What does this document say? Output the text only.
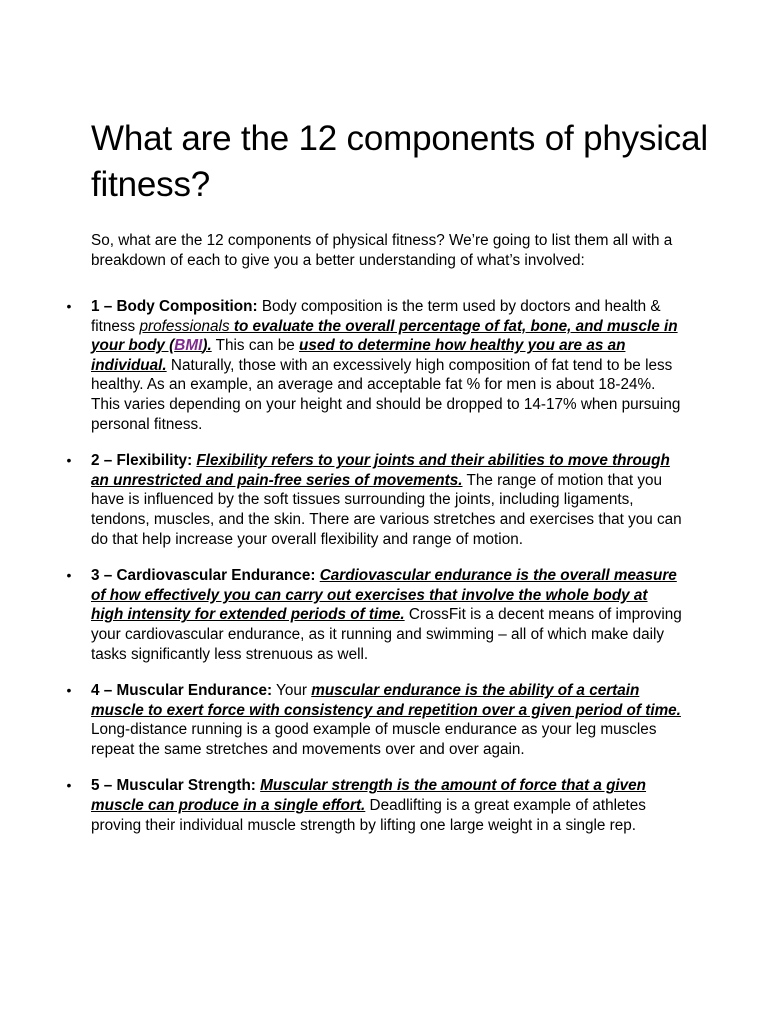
What are the 12 components of physical fitness?

So, what are the 12 components of physical fitness? We’re going to list them all with a breakdown of each to give you a better understanding of what’s involved:

• 1 – Body Composition: Body composition is the term used by doctors and health & fitness professionals to evaluate the overall percentage of fat, bone, and muscle in your body (BMI). This can be used to determine how healthy you are as an individual. Naturally, those with an excessively high composition of fat tend to be less healthy. As an example, an average and acceptable fat % for men is about 18-24%. This varies depending on your height and should be dropped to 14-17% when pursuing personal fitness.
• 2 – Flexibility: Flexibility refers to your joints and their abilities to move through an unrestricted and pain-free series of movements. The range of motion that you have is influenced by the soft tissues surrounding the joints, including ligaments, tendons, muscles, and the skin. There are various stretches and exercises that you can do that help increase your overall flexibility and range of motion.
• 3 – Cardiovascular Endurance: Cardiovascular endurance is the overall measure of how effectively you can carry out exercises that involve the whole body at high intensity for extended periods of time. CrossFit is a decent means of improving your cardiovascular endurance, as it running and swimming – all of which make daily tasks significantly less strenuous as well.
• 4 – Muscular Endurance: Your muscular endurance is the ability of a certain muscle to exert force with consistency and repetition over a given period of time. Long-distance running is a good example of muscle endurance as your leg muscles repeat the same stretches and movements over and over again.
• 5 – Muscular Strength: Muscular strength is the amount of force that a given muscle can produce in a single effort. Deadlifting is a great example of athletes proving their individual muscle strength by lifting one large weight in a single rep.
